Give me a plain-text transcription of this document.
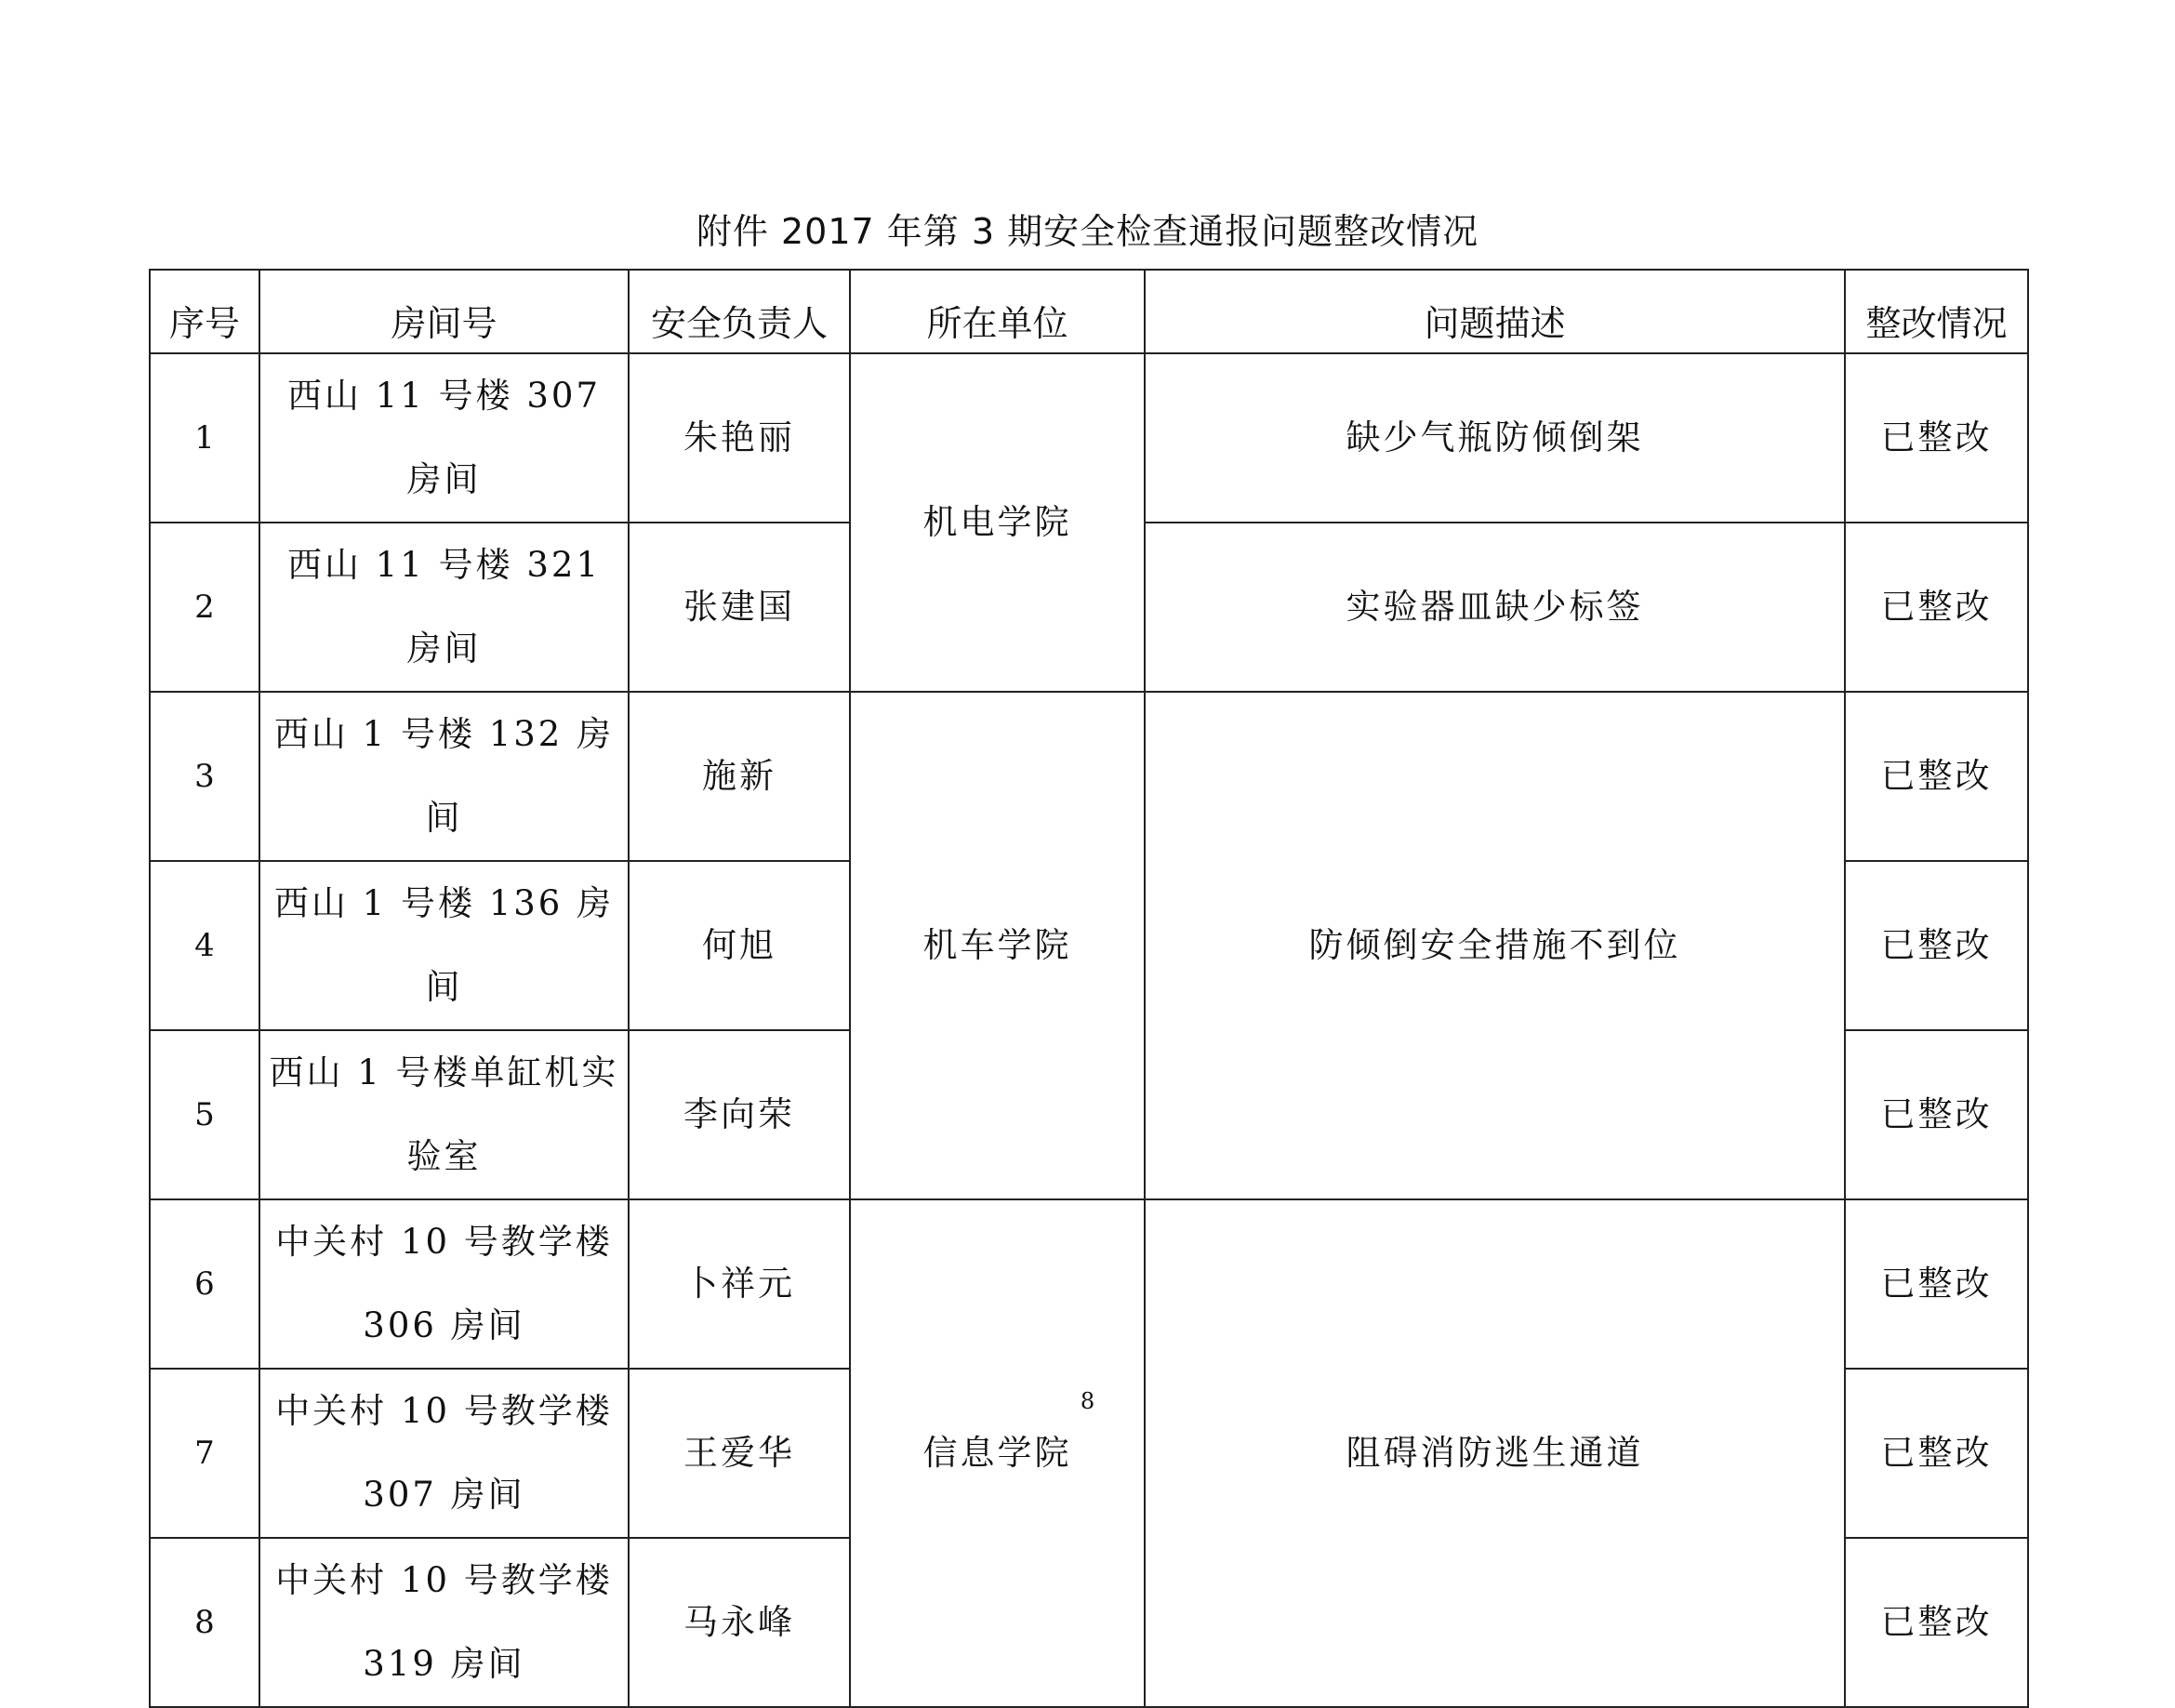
附件 2017 年第 3 期安全检查通报问题整改情况
序号	房间号	安全负责人	所在单位	问题描述	整改情况
1	西山 11 号楼 307 房间	朱艳丽	机电学院	缺少气瓶防倾倒架	已整改
2	西山 11 号楼 321 房间	张建国		实验器皿缺少标签	已整改
3	西山 1 号楼 132 房间	施新	机车学院	防倾倒安全措施不到位	已整改
4	西山 1 号楼 136 房间	何旭			已整改
5	西山 1 号楼单缸机实验室	李向荣			已整改
6	中关村 10 号教学楼 306 房间	卜祥元	信息学院	阻碍消防逃生通道	已整改
7	中关村 10 号教学楼 307 房间	王爱华			已整改
8	中关村 10 号教学楼 319 房间	马永峰			已整改
8
